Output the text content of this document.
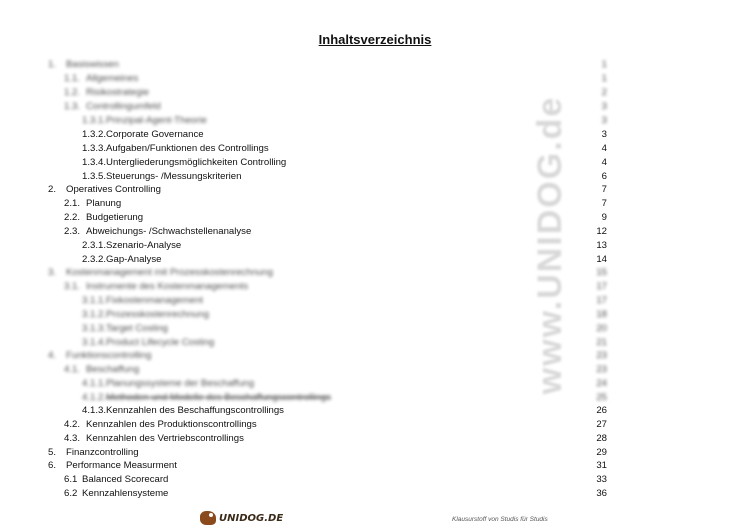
Inhaltsverzeichnis
www.UNIDOG.de
1. Basiswissen	1
1.1. Allgemeines	1
1.2. Risikostrategie	2
1.3. Controllingumfeld	3
1.3.1.Prinzipal-Agent-Theorie	3
1.3.2.Corporate Governance	3
1.3.3.Aufgaben/Funktionen des Controllings	4
1.3.4.Untergliederungsmöglichkeiten Controlling	4
1.3.5.Steuerungs- /Messungskriterien	6
2. Operatives Controlling	7
2.1. Planung	7
2.2. Budgetierung	9
2.3. Abweichungs- /Schwachstellenanalyse	12
2.3.1.Szenario-Analyse	13
2.3.2.Gap-Analyse	14
3. Kostenmanagement mit Prozesskostenrechnung	15
3.1. Instrumente des Kostenmanagements	17
3.1.1.Fixkostenmanagement	17
3.1.2.Prozesskostenrechnung	18
3.1.3.Target Costing	20
3.1.4.Product Lifecycle Costing	21
4. Funktionscontrolling	23
4.1. Beschaffung	23
4.1.1.Planungssysteme der Beschaffung	24
4.1.2.Methoden und Modelle des Beschaffungscontrollings	25
4.1.3.Kennzahlen des Beschaffungscontrollings	26
4.2. Kennzahlen des Produktionscontrollings	27
4.3. Kennzahlen des Vertriebscontrollings	28
5. Finanzcontrolling	29
6. Performance Measurment	31
6.1 Balanced Scorecard	33
6.2 Kennzahlensysteme	36
UNIDOG.DE	Klausurstoff von Studis für Studis
